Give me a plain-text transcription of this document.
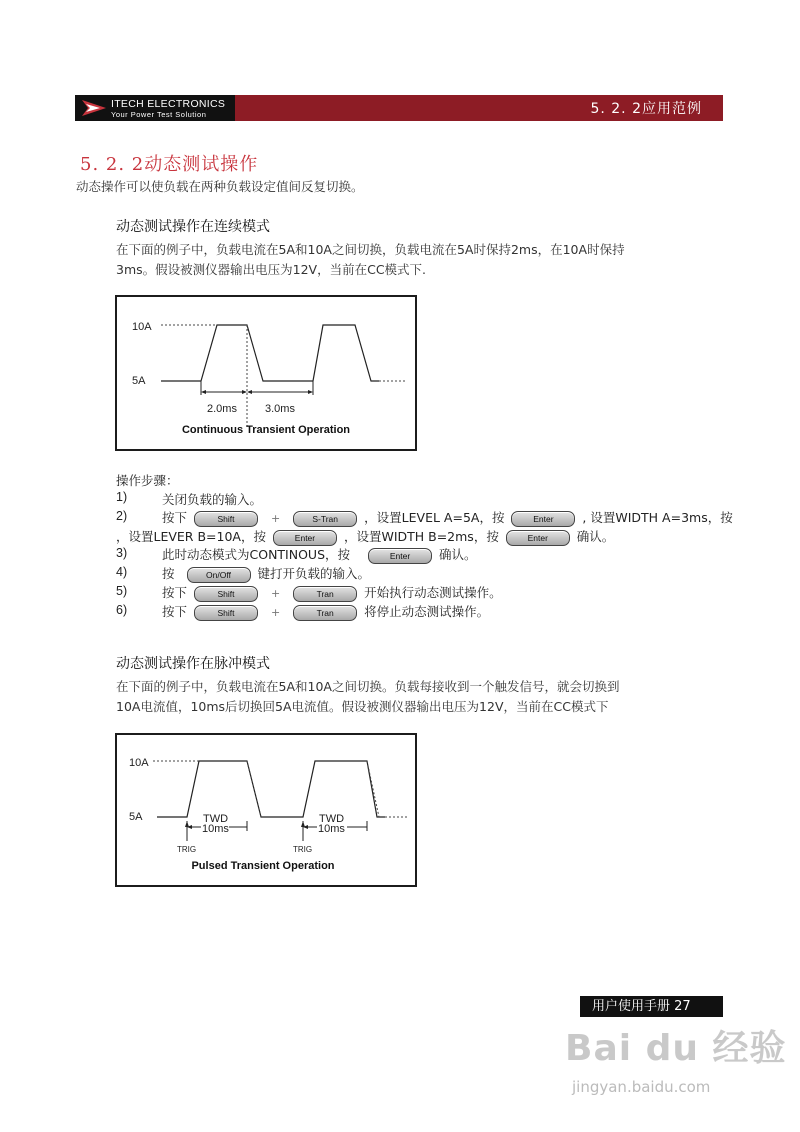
ITECH ELECTRONICS
Your Power Test Solution	5. 2. 2应用范例
5. 2. 2动态测试操作
动态操作可以使负载在两种负载设定值间反复切换。
动态测试操作在连续模式
在下面的例子中，负载电流在5A和10A之间切换，负载电流在5A时保持2ms，在10A时保持
3ms。假设被测仪器输出电压为12V，当前在CC模式下.
10A
5A
2.0ms	3.0ms
Continuous Transient Operation
操作步骤：
1)	关闭负载的输入。
2)	按下	Shift	+	S-Tran ，设置LEVEL A=5A，按	Enter , 设置WIDTH A=3ms，按
，设置LEVER B=10A，按	Enter ，设置WIDTH B=2ms，按	Enter 确认。
3)	此时动态模式为CONTINOUS，按	Enter 确认。
4)	按	On/Off 键打开负载的输入。
5)	按下	Shift	+	Tran 开始执行动态测试操作。
6)	按下	Shift	+	Tran 将停止动态测试操作。
动态测试操作在脉冲模式
在下面的例子中，负载电流在5A和10A之间切换。负载每接收到一个触发信号，就会切换到
10A电流值，10ms后切换回5A电流值。假设被测仪器输出电压为12V，当前在CC模式下
10A
5A	TWD
10ms
TWD
10ms
TRIG	TRIG
Pulsed Transient Operation
用户使用手册 27
Bai du 经验
jingyan.baidu.com
